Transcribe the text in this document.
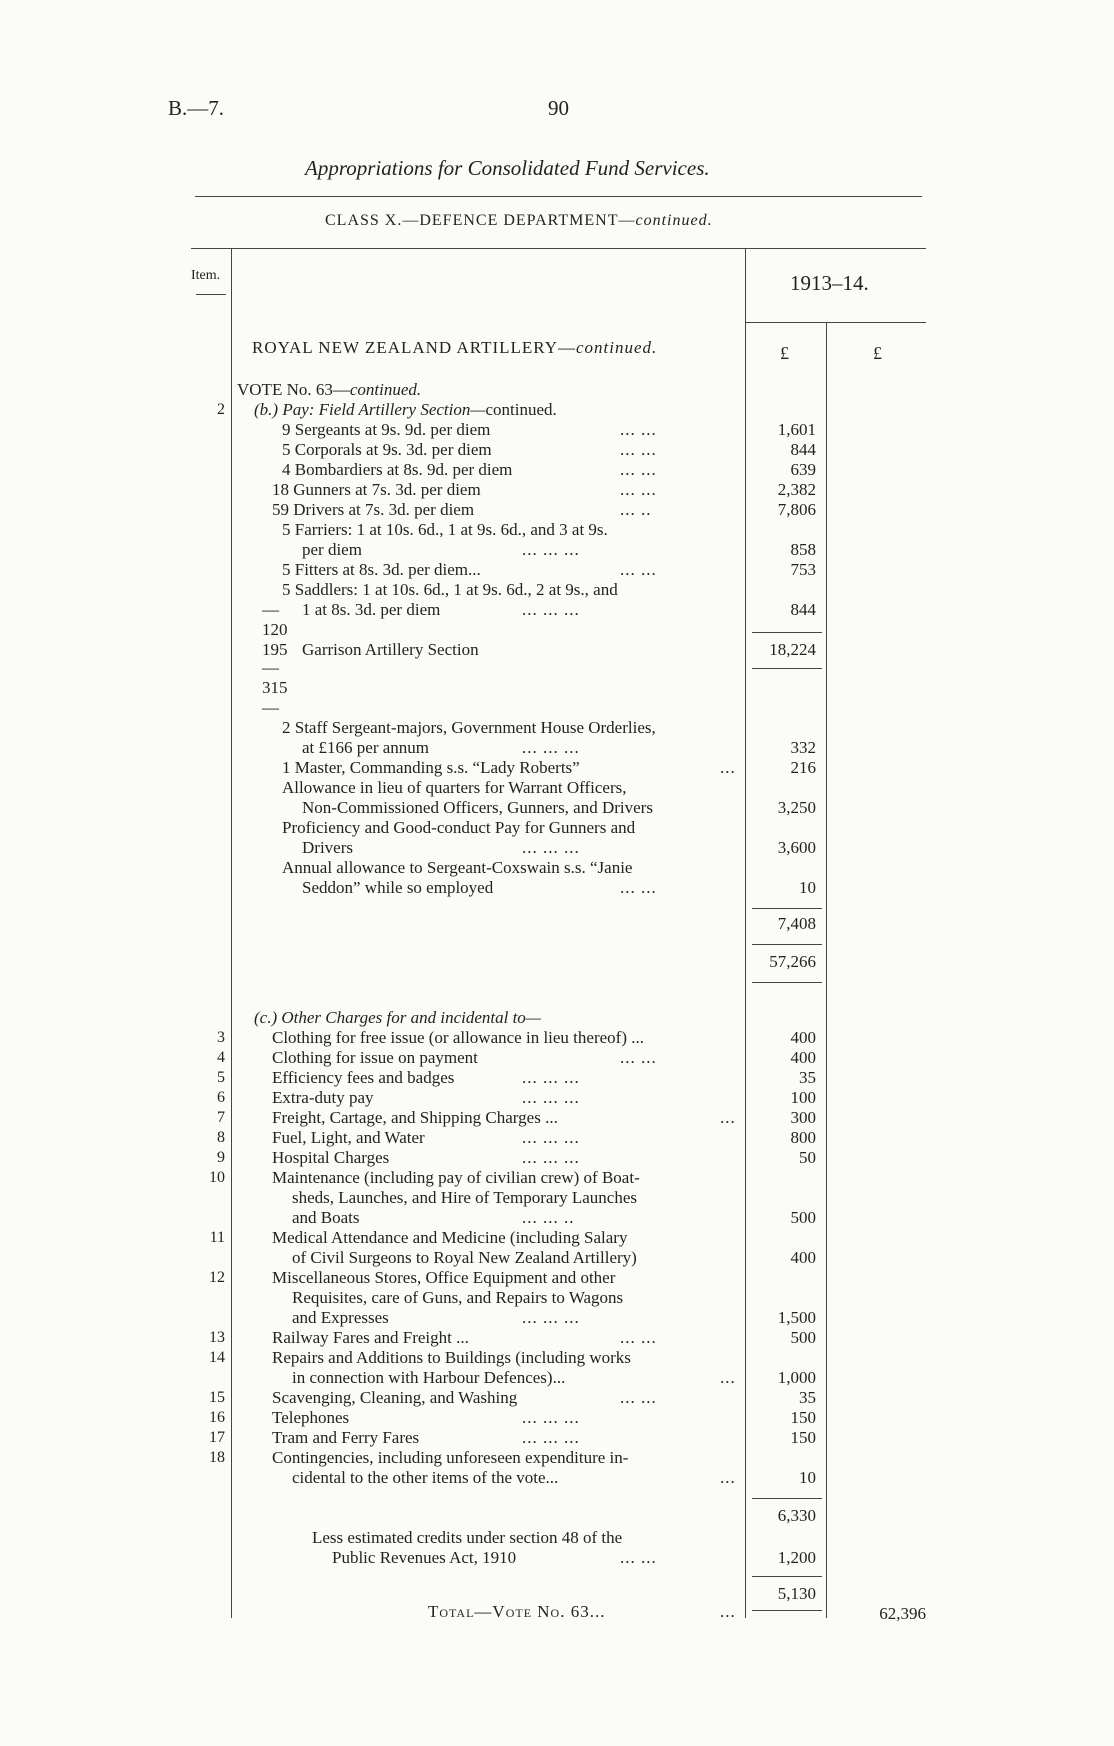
B.—7.	90
Appropriations for Consolidated Fund Services.
CLASS X.—DEFENCE DEPARTMENT—continued.
Item.	1913–14.
ROYAL NEW ZEALAND ARTILLERY—continued.	£	£
VOTE No. 63—continued.
2 (b.) Pay: Field Artillery Section—continued.
9 Sergeants at 9s. 9d. per diem	... ...	1,601
5 Corporals at 9s. 3d. per diem	... ...	844
4 Bombardiers at 8s. 9d. per diem	... ...	639
18 Gunners at 7s. 3d. per diem	... ...	2,382
59 Drivers at 7s. 3d. per diem	... ..	7,806
5 Farriers: 1 at 10s. 6d., 1 at 9s. 6d., and 3 at 9s.
per diem	... ... ...	858
5 Fitters at 8s. 3d. per diem...	... ...	753
5 Saddlers: 1 at 10s. 6d., 1 at 9s. 6d., 2 at 9s., and
— 1 at 8s. 3d. per diem	... ... ...	844
120
195 Garrison Artillery Section	18,224
—
315
—
2 Staff Sergeant-majors, Government House Orderlies,
at £166 per annum	... ... ...	332
1 Master, Commanding s.s. “Lady Roberts”	...	216
Allowance in lieu of quarters for Warrant Officers,
Non-Commissioned Officers, Gunners, and Drivers	3,250
Proficiency and Good-conduct Pay for Gunners and
Drivers	... ... ...	3,600
Annual allowance to Sergeant-Coxswain s.s. “Janie
Seddon” while so employed	... ...	10
7,408
57,266
(c.) Other Charges for and incidental to—
3	Clothing for free issue (or allowance in lieu thereof) ...	400
4	Clothing for issue on payment	... ...	400
5	Efficiency fees and badges	... ... ...	35
6	Extra-duty pay	... ... ...	100
7	Freight, Cartage, and Shipping Charges ...	...	300
8	Fuel, Light, and Water	... ... ...	800
9	Hospital Charges	... ... ...	50
10	Maintenance (including pay of civilian crew) of Boat-
sheds, Launches, and Hire of Temporary Launches
and Boats	... ... ..	500
11	Medical Attendance and Medicine (including Salary
of Civil Surgeons to Royal New Zealand Artillery)	400
12	Miscellaneous Stores, Office Equipment and other
Requisites, care of Guns, and Repairs to Wagons
and Expresses	... ... ...	1,500
13	Railway Fares and Freight ...	... ...	500
14	Repairs and Additions to Buildings (including works
in connection with Harbour Defences)...	...	1,000
15	Scavenging, Cleaning, and Washing	... ...	35
16	Telephones	... ... ...	150
17	Tram and Ferry Fares	... ... ...	150
18	Contingencies, including unforeseen expenditure in-
cidental to the other items of the vote...	...	10
6,330
Less estimated credits under section 48 of the
Public Revenues Act, 1910	... ...	1,200
5,130
Total—Vote No. 63...	...	62,396
